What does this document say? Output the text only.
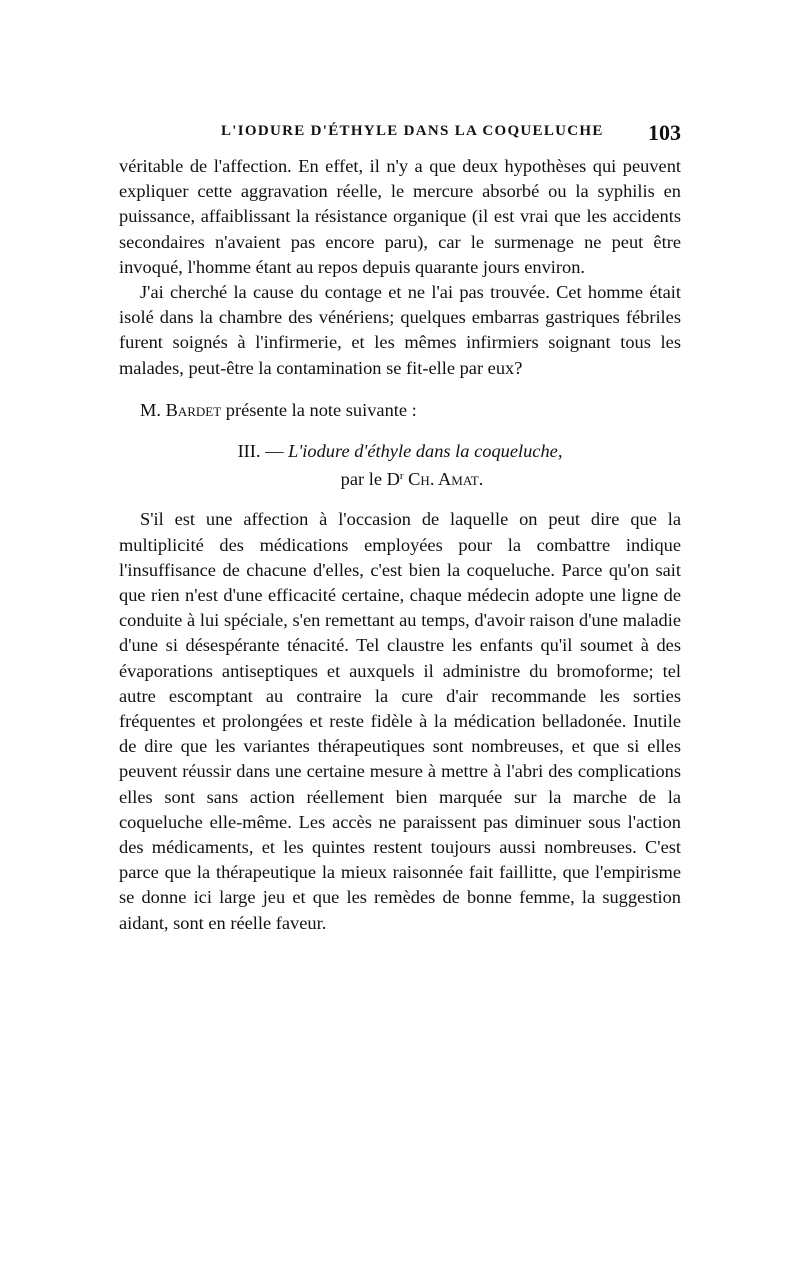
L'IODURE D'ÉTHYLE DANS LA COQUELUCHE 103

véritable de l'affection. En effet, il n'y a que deux hypothèses qui peuvent expliquer cette aggravation réelle, le mercure absorbé ou la syphilis en puissance, affaiblissant la résistance organique (il est vrai que les accidents secondaires n'avaient pas encore paru), car le surmenage ne peut être invoqué, l'homme étant au repos depuis quarante jours environ.

J'ai cherché la cause du contage et ne l'ai pas trouvée. Cet homme était isolé dans la chambre des vénériens; quelques embarras gastriques fébriles furent soignés à l'infirmerie, et les mêmes infirmiers soignant tous les malades, peut-être la contamination se fit-elle par eux?

M. Bardet présente la note suivante :

III. — L'iodure d'éthyle dans la coqueluche,
par le $D^r$ Ch. Amat.

S'il est une affection à l'occasion de laquelle on peut dire que la multiplicité des médications employées pour la combattre indique l'insuffisance de chacune d'elles, c'est bien la coqueluche. Parce qu'on sait que rien n'est d'une efficacité certaine, chaque médecin adopte une ligne de conduite à lui spéciale, s'en remettant au temps, d'avoir raison d'une maladie d'une si désespérante ténacité. Tel claustre les enfants qu'il soumet à des évaporations antiseptiques et auxquels il administre du bromoforme; tel autre escomptant au contraire la cure d'air recommande les sorties fréquentes et prolongées et reste fidèle à la médication belladonée. Inutile de dire que les variantes thérapeutiques sont nombreuses, et que si elles peuvent réussir dans une certaine mesure à mettre à l'abri des complications elles sont sans action réellement bien marquée sur la marche de la coqueluche elle-même. Les accès ne paraissent pas diminuer sous l'action des médicaments, et les quintes restent toujours aussi nombreuses. C'est parce que la thérapeutique la mieux raisonnée fait faillitte, que l'empirisme se donne ici large jeu et que les remèdes de bonne femme, la suggestion aidant, sont en réelle faveur.
